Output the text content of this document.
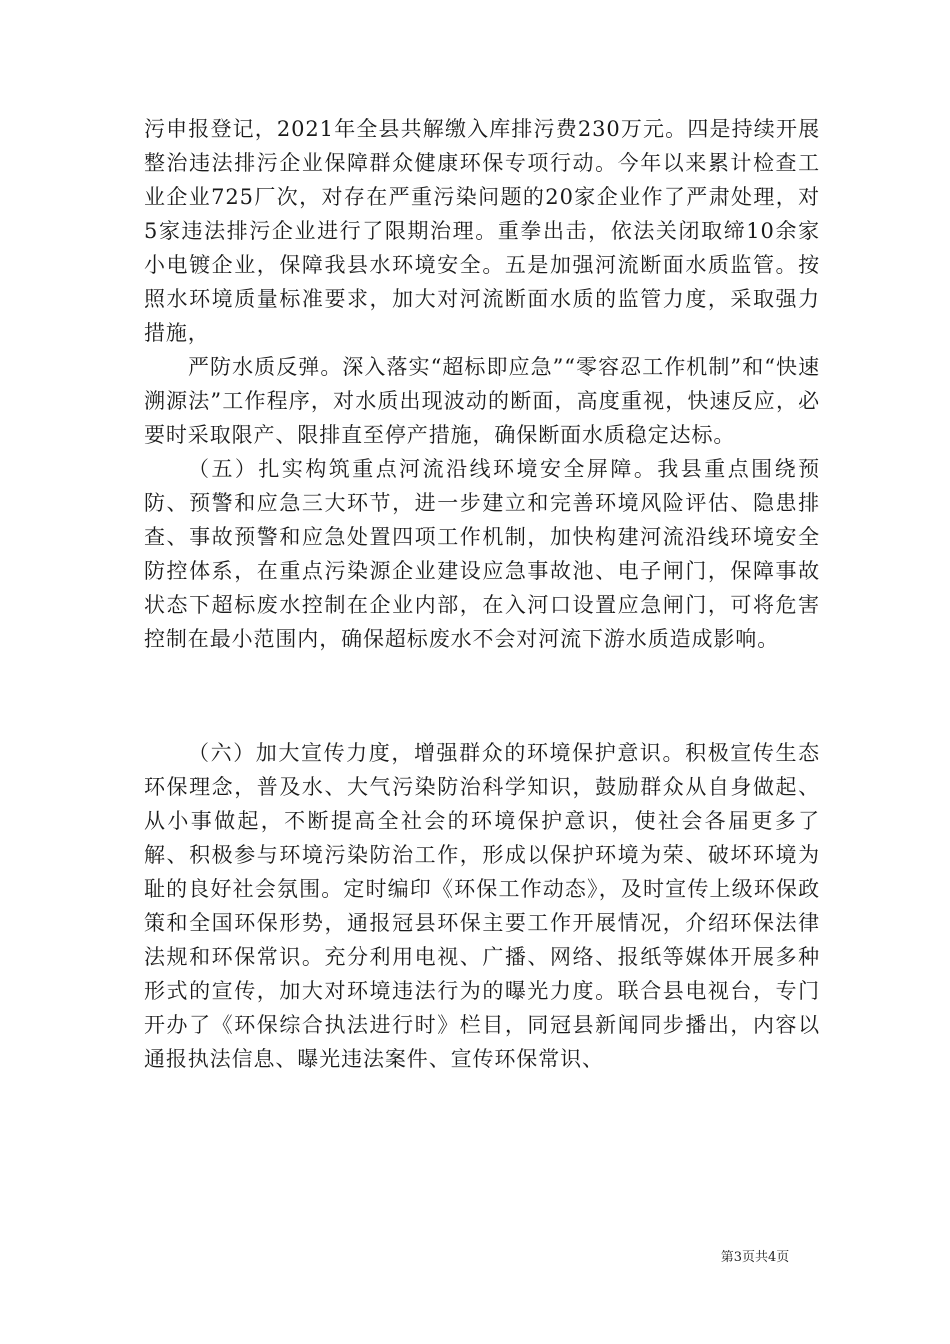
污申报登记，2021年全县共解缴入库排污费230万元。四是持续开展整治违法排污企业保障群众健康环保专项行动。今年以来累计检查工业企业725厂次，对存在严重污染问题的20家企业作了严肃处理，对5家违法排污企业进行了限期治理。重拳出击，依法关闭取缔10余家小电镀企业，保障我县水环境安全。五是加强河流断面水质监管。按照水环境质量标准要求，加大对河流断面水质的监管力度，采取强力措施，

严防水质反弹。深入落实“超标即应急”“零容忍工作机制”和“快速溯源法”工作程序，对水质出现波动的断面，高度重视，快速反应，必要时采取限产、限排直至停产措施，确保断面水质稳定达标。

（五）扎实构筑重点河流沿线环境安全屏障。我县重点围绕预防、预警和应急三大环节，进一步建立和完善环境风险评估、隐患排查、事故预警和应急处置四项工作机制，加快构建河流沿线环境安全防控体系，在重点污染源企业建设应急事故池、电子闸门，保障事故状态下超标废水控制在企业内部，在入河口设置应急闸门，可将危害控制在最小范围内，确保超标废水不会对河流下游水质造成影响。

（六）加大宣传力度，增强群众的环境保护意识。积极宣传生态环保理念，普及水、大气污染防治科学知识，鼓励群众从自身做起、从小事做起，不断提高全社会的环境保护意识，使社会各届更多了解、积极参与环境污染防治工作，形成以保护环境为荣、破坏环境为耻的良好社会氛围。定时编印《环保工作动态》，及时宣传上级环保政策和全国环保形势，通报冠县环保主要工作开展情况，介绍环保法律法规和环保常识。充分利用电视、广播、网络、报纸等媒体开展多种形式的宣传，加大对环境违法行为的曝光力度。联合县电视台，专门开办了《环保综合执法进行时》栏目，同冠县新闻同步播出，内容以通报执法信息、曝光违法案件、宣传环保常识、

第3页共4页
